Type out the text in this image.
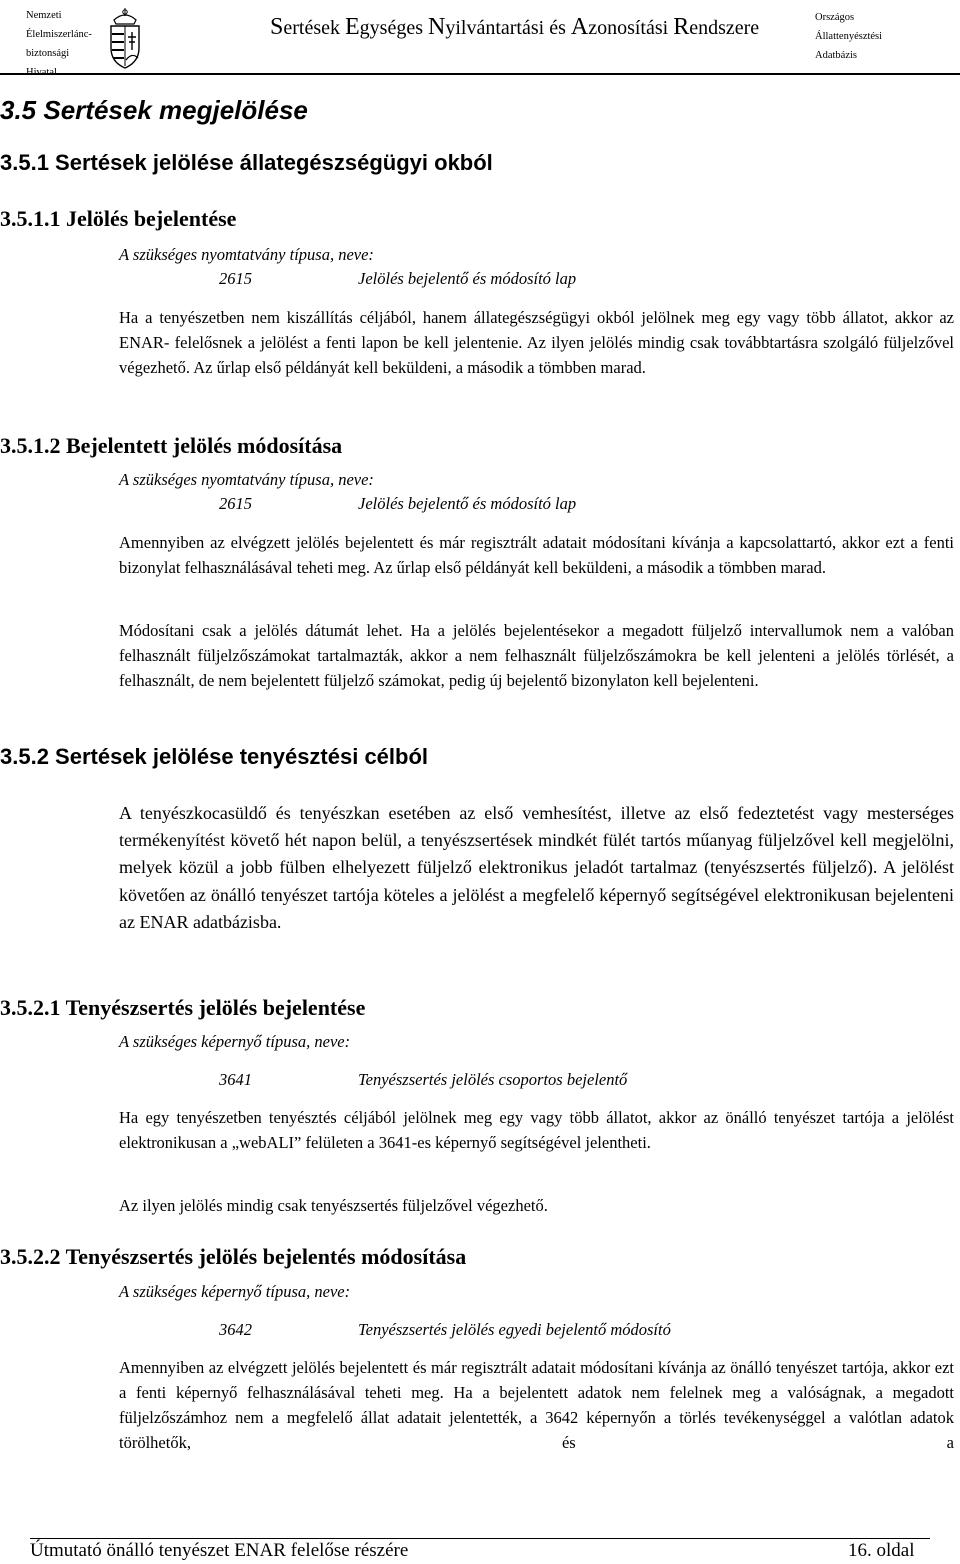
Nemzeti
Élelmiszerlánc-
biztonsági
Sertések Egységes Nyilvántartási és Azonosítási Rendszere	Országos
Állattenyésztési
Adatbázis
3.5 Sertések megjelölése
3.5.1 Sertések jelölése állategészségügyi okból
3.5.1.1 Jelölés bejelentése
A szükséges nyomtatvány típusa, neve:
2615	Jelölés bejelentő és módosító lap
Ha a tenyészetben nem kiszállítás céljából, hanem állategészségügyi okból jelölnek meg egy vagy több állatot, akkor az ENAR- felelősnek a jelölést a fenti lapon be kell jelentenie. Az ilyen jelölés mindig csak továbbtartásra szolgáló füljelzővel végezhető. Az űrlap első példányát kell beküldeni, a második a tömbben marad.
3.5.1.2 Bejelentett jelölés módosítása
A szükséges nyomtatvány típusa, neve:
2615	Jelölés bejelentő és módosító lap
Amennyiben az elvégzett jelölés bejelentett és már regisztrált adatait módosítani kívánja a kapcsolattartó, akkor ezt a fenti bizonylat felhasználásával teheti meg. Az űrlap első példányát kell beküldeni, a második a tömbben marad.
Módosítani csak a jelölés dátumát lehet. Ha a jelölés bejelentésekor a megadott füljelző intervallumok nem a valóban felhasznált füljelzőszámokat tartalmazták, akkor a nem felhasznált füljelzőszámokra be kell jelenteni a jelölés törlését, a felhasznált, de nem bejelentett füljelző számokat, pedig új bejelentő bizonylaton kell bejelenteni.
3.5.2 Sertések jelölése tenyésztési célból
A tenyészkocasüldő és tenyészkan esetében az első vemhesítést, illetve az első fedeztetést vagy mesterséges termékenyítést követő hét napon belül, a tenyészsertések mindkét fülét tartós műanyag füljelzővel kell megjelölni, melyek közül a jobb fülben elhelyezett füljelző elektronikus jeladót tartalmaz (tenyészsertés füljelző). A jelölést követően az önálló tenyészet tartója köteles a jelölést a megfelelő képernyő segítségével elektronikusan bejelenteni az ENAR adatbázisba.
3.5.2.1 Tenyészsertés jelölés bejelentése
A szükséges képernyő típusa, neve:
3641	Tenyészsertés jelölés csoportos bejelentő
Ha egy tenyészetben tenyésztés céljából jelölnek meg egy vagy több állatot, akkor az önálló tenyészet tartója a jelölést elektronikusan a „webALI” felületen a 3641-es képernyő segítségével jelentheti.
Az ilyen jelölés mindig csak tenyészsertés füljelzővel végezhető.
3.5.2.2 Tenyészsertés jelölés bejelentés módosítása
A szükséges képernyő típusa, neve:
3642	Tenyészsertés jelölés egyedi bejelentő módosító
Amennyiben az elvégzett jelölés bejelentett és már regisztrált adatait módosítani kívánja az önálló tenyészet tartója, akkor ezt a fenti képernyő felhasználásával teheti meg. Ha a bejelentett adatok nem felelnek meg a valóságnak, a megadott füljelzőszámhoz nem a megfelelő állat adatait jelentették, a 3642 képernyőn a törlés tevékenységgel a valótlan adatok törölhetők, és a
Útmutató önálló tenyészet ENAR felelőse részére	16. oldal
